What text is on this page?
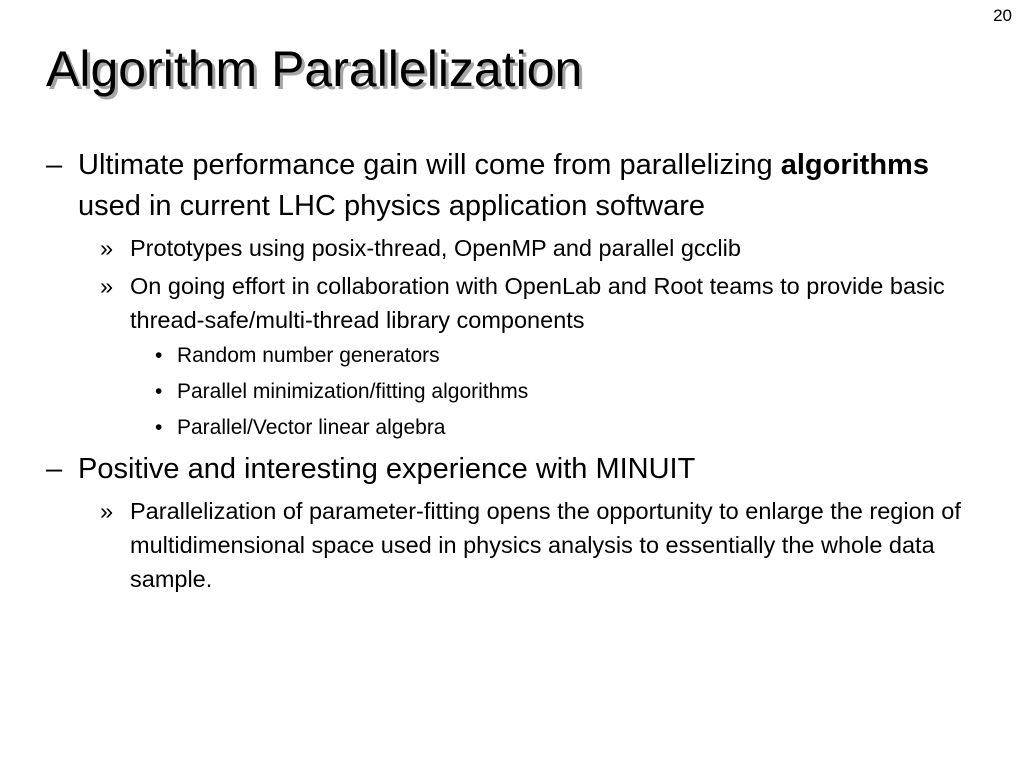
20
Algorithm Parallelization
– Ultimate performance gain will come from parallelizing algorithms used in current LHC physics application software
» Prototypes using posix-thread, OpenMP and parallel gcclib
» On going effort in collaboration with OpenLab and Root teams to provide basic thread-safe/multi-thread library components
• Random number generators
• Parallel minimization/fitting algorithms
• Parallel/Vector linear algebra
– Positive and interesting experience with MINUIT
» Parallelization of parameter-fitting opens the opportunity to enlarge the region of multidimensional space used in physics analysis to essentially the whole data sample.
